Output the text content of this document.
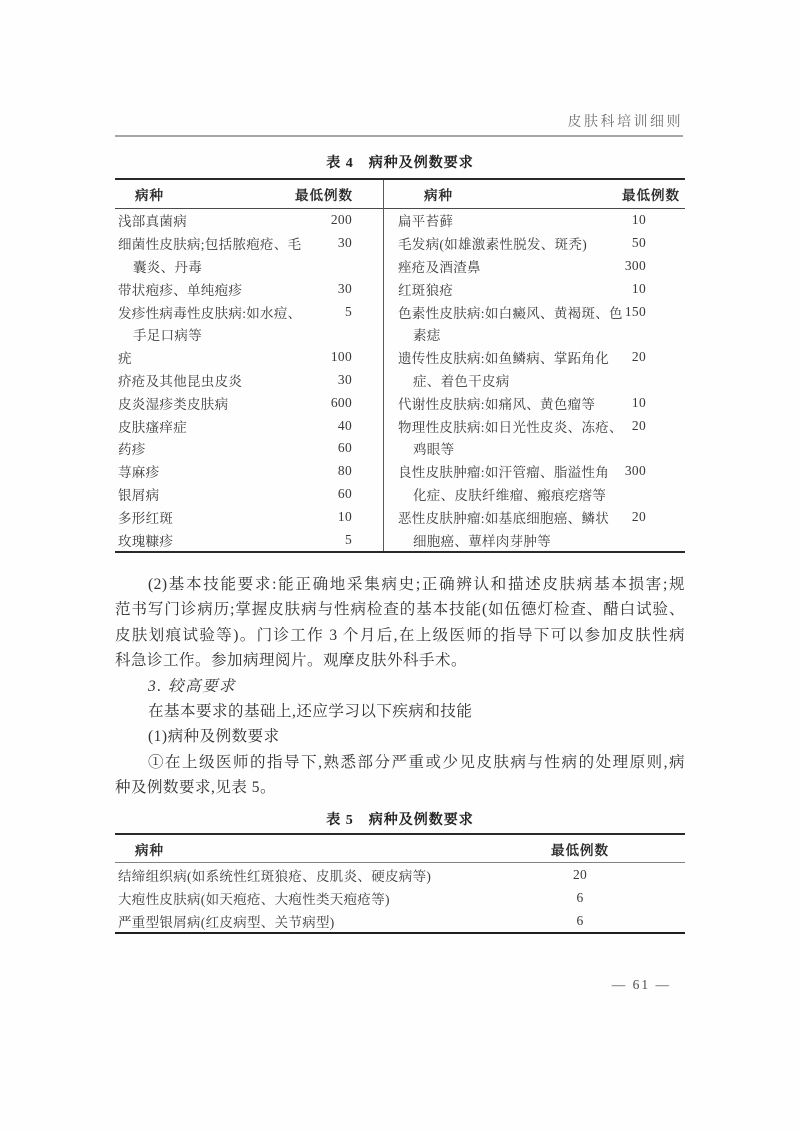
皮肤科培训细则
表 4　病种及例数要求
病种	最低例数
浅部真菌病	200
细菌性皮肤病;包括脓疱疮、毛	30
囊炎、丹毒
带状疱疹、单纯疱疹	30
发疹性病毒性皮肤病:如水痘、	5
手足口病等
疣	100
疥疮及其他昆虫皮炎	30
皮炎湿疹类皮肤病	600
皮肤瘙痒症	40
药疹	60
荨麻疹	80
银屑病	60
多形红斑	10
玫瑰糠疹	5
病种	最低例数
扁平苔藓	10
毛发病(如雄激素性脱发、斑秃)	50
痤疮及酒渣鼻	300
红斑狼疮	10
色素性皮肤病:如白癜风、黄褐斑、色 150
素痣
遗传性皮肤病:如鱼鳞病、掌跖角化 20
症、着色干皮病
代谢性皮肤病:如痛风、黄色瘤等	10
物理性皮肤病:如日光性皮炎、冻疮、 20
鸡眼等
良性皮肤肿瘤:如汗管瘤、脂溢性角 300
化症、皮肤纤维瘤、瘢痕疙瘩等
恶性皮肤肿瘤:如基底细胞癌、鳞状 20
细胞癌、蕈样肉芽肿等
(2)基本技能要求:能正确地采集病史;正确辨认和描述皮肤病基本损害;规
范书写门诊病历;掌握皮肤病与性病检查的基本技能(如伍德灯检查、醋白试验、
皮肤划痕试验等)。门诊工作 3 个月后,在上级医师的指导下可以参加皮肤性病
科急诊工作。参加病理阅片。观摩皮肤外科手术。
3. 较高要求
在基本要求的基础上,还应学习以下疾病和技能
(1)病种及例数要求
①在上级医师的指导下,熟悉部分严重或少见皮肤病与性病的处理原则,病
种及例数要求,见表 5。
表 5　病种及例数要求
病种	最低例数
结缔组织病(如系统性红斑狼疮、皮肌炎、硬皮病等)	20
大疱性皮肤病(如天疱疮、大疱性类天疱疮等)	6
严重型银屑病(红皮病型、关节病型)	6
— 61 —
